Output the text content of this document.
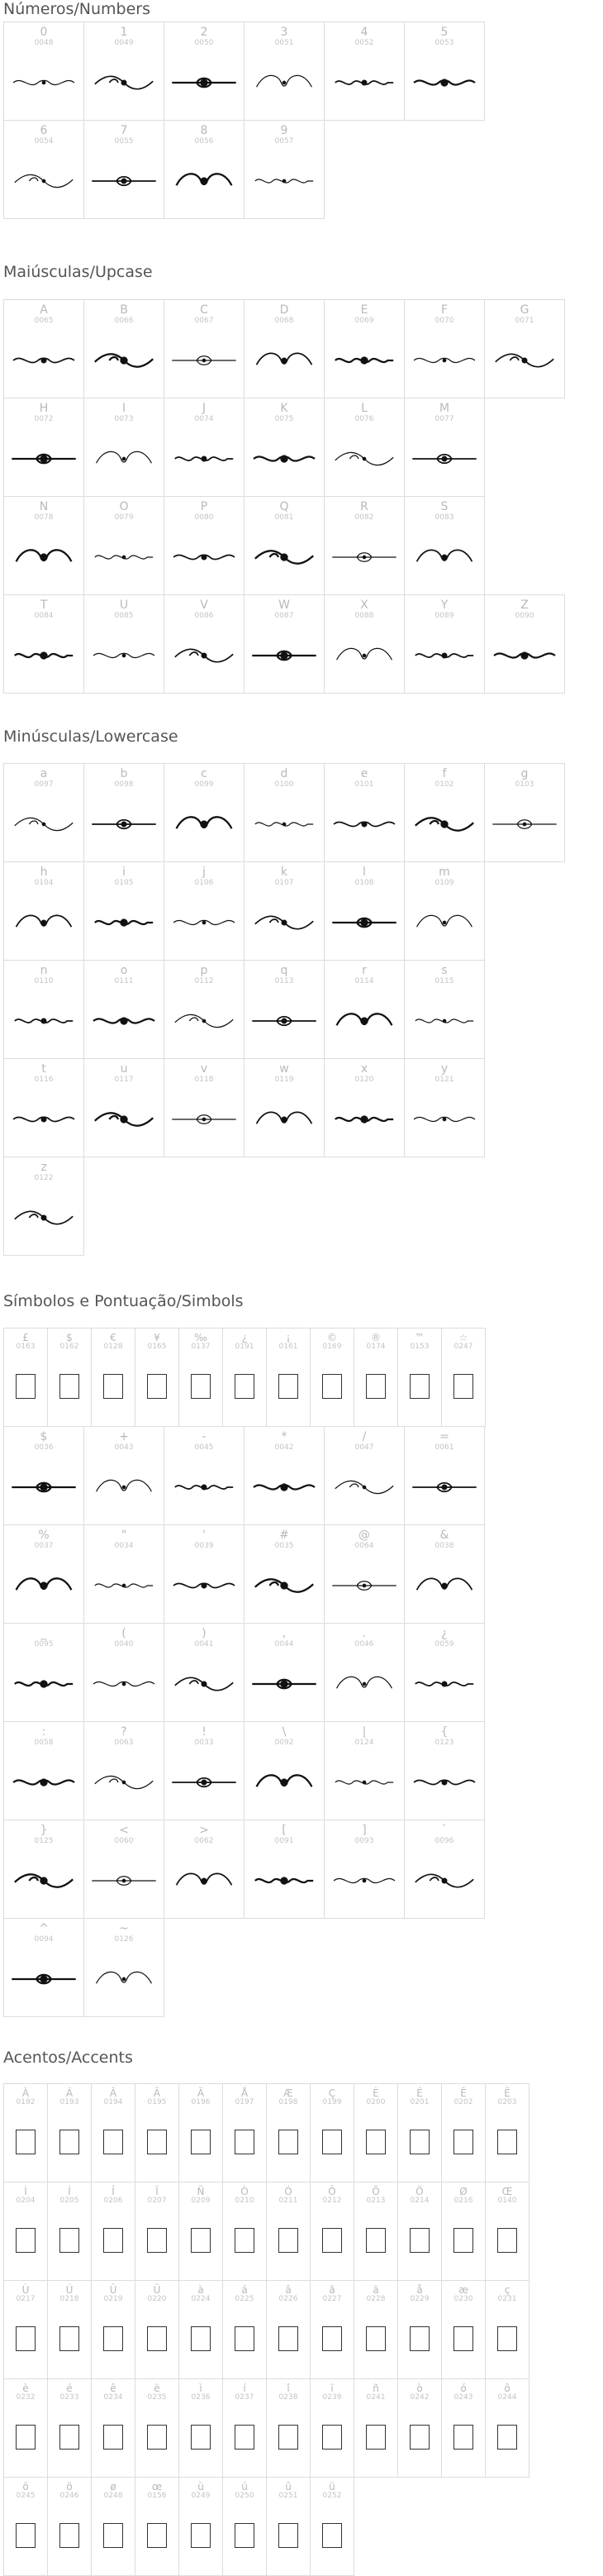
Números/Numbers
0
0048
1
0049
2
0050
3
0051
4
0052
5
0053
6
0054
7
0055
8
0056
9
0057
Maiúsculas/Upcase
A
0065
B
0066
C
0067
D
0068
E
0069
F
0070
G
0071
H
0072
I
0073
J
0074
K
0075
L
0076
M
0077
N
0078
O
0079
P
0080
Q
0081
R
0082
S
0083
T
0084
U
0085
V
0086
W
0087
X
0088
Y
0089
Z
0090
Minúsculas/Lowercase
a
0097
b
0098
c
0099
d
0100
e
0101
f
0102
g
0103
h
0104
i
0105
j
0106
k
0107
l
0108
m
0109
n
0110
o
0111
p
0112
q
0113
r
0114
s
0115
t
0116
u
0117
v
0118
w
0119
x
0120
y
0121
z
0122
Símbolos e Pontuação/Simbols
£
0163
$
0162
€
0128
¥
0165
‰
0137
¿
0191
¡
0161
©
0169
®
0174
™
0153
☆
0247
$
0036
+
0043
-
0045
*
0042
/
0047
=
0061
%
0037
"
0034
'
0039
#
0035
@
0064
&
0038
_
0095
(
0040
)
0041
,
0044
.
0046
¿
0059
:
0058
?
0063
!
0033
\
0092
|
0124
{
0123
}
0125
<
0060
>
0062
[
0091
]
0093
`
0096
^
0094
~
0126
Acentos/Accents
À
0192
Á
0193
Â
0194
Ã
0195
Ä
0196
Å
0197
Æ
0198
Ç
0199
È
0200
É
0201
Ê
0202
Ë
0203
Ì
0204
Í
0205
Î
0206
Ï
0207
Ñ
0209
Ò
0210
Ó
0211
Ô
0212
Õ
0213
Ö
0214
Ø
0216
Œ
0140
Ù
0217
Ú
0218
Û
0219
Ü
0220
à
0224
á
0225
â
0226
ã
0227
ä
0228
å
0229
æ
0230
ç
0231
è
0232
é
0233
ê
0234
ë
0235
ì
0236
í
0237
î
0238
ï
0239
ñ
0241
ò
0242
ó
0243
ô
0244
õ
0245
ö
0246
ø
0248
œ
0156
ù
0249
ú
0250
û
0251
ü
0252
